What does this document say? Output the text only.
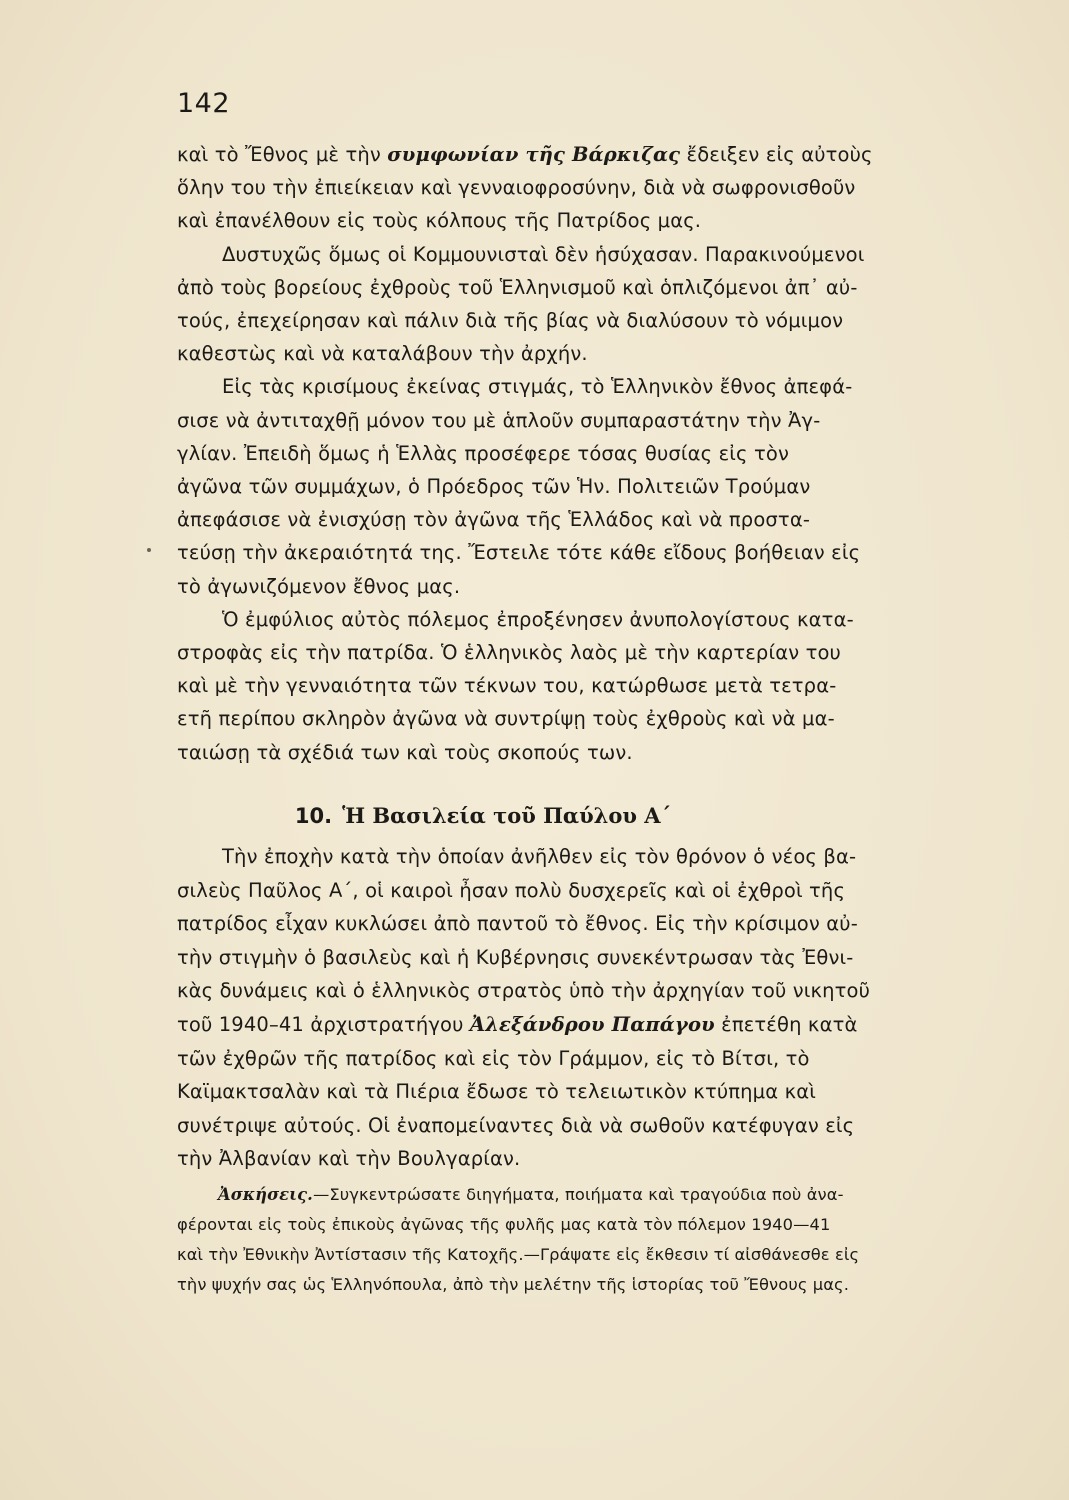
142
καὶ τὸ Ἔθνος μὲ τὴν συμφωνίαν τῆς Βάρκιζας ἔδειξεν εἰς αὐτοὺς
ὅλην του τὴν ἐπιείκειαν καὶ γενναιοφροσύνην, διὰ νὰ σωφρονισθοῦν
καὶ ἐπανέλθουν εἰς τοὺς κόλπους τῆς Πατρίδος μας.
Δυστυχῶς ὅμως οἱ Κομμουνισταὶ δὲν ἡσύχασαν. Παρακινούμενοι
ἀπὸ τοὺς βορείους ἐχθροὺς τοῦ Ἑλληνισμοῦ καὶ ὁπλιζόμενοι ἀπ᾿ αὐ-
τούς, ἐπεχείρησαν καὶ πάλιν διὰ τῆς βίας νὰ διαλύσουν τὸ νόμιμον
καθεστὼς καὶ νὰ καταλάβουν τὴν ἀρχήν.
Εἰς τὰς κρισίμους ἐκείνας στιγμάς, τὸ Ἑλληνικὸν ἔθνος ἀπεφά-
σισε νὰ ἀντιταχθῇ μόνον του μὲ ἁπλοῦν συμπαραστάτην τὴν Ἀγ-
γλίαν. Ἐπειδὴ ὅμως ἡ Ἑλλὰς προσέφερε τόσας θυσίας εἰς τὸν
ἀγῶνα τῶν συμμάχων, ὁ Πρόεδρος τῶν Ἡν. Πολιτειῶν Τρούμαν
ἀπεφάσισε νὰ ἐνισχύσῃ τὸν ἀγῶνα τῆς Ἑλλάδος καὶ νὰ προστα-
τεύσῃ τὴν ἀκεραιότητά της. Ἔστειλε τότε κάθε εἴδους βοήθειαν εἰς
τὸ ἀγωνιζόμενον ἔθνος μας.
Ὁ ἐμφύλιος αὐτὸς πόλεμος ἐπροξένησεν ἀνυπολογίστους κατα-
στροφὰς εἰς τὴν πατρίδα. Ὁ ἑλληνικὸς λαὸς μὲ τὴν καρτερίαν του
καὶ μὲ τὴν γενναιότητα τῶν τέκνων του, κατώρθωσε μετὰ τετρα-
ετῆ περίπου σκληρὸν ἀγῶνα νὰ συντρίψῃ τοὺς ἐχθροὺς καὶ νὰ μα-
ταιώσῃ τὰ σχέδιά των καὶ τοὺς σκοπούς των.
10. Ἡ Βασιλεία τοῦ Παύλου Α΄
Τὴν ἐποχὴν κατὰ τὴν ὁποίαν ἀνῆλθεν εἰς τὸν θρόνον ὁ νέος βα-
σιλεὺς Παῦλος Α΄, οἱ καιροὶ ἦσαν πολὺ δυσχερεῖς καὶ οἱ ἐχθροὶ τῆς
πατρίδος εἶχαν κυκλώσει ἀπὸ παντοῦ τὸ ἔθνος. Εἰς τὴν κρίσιμον αὐ-
τὴν στιγμὴν ὁ βασιλεὺς καὶ ἡ Κυβέρνησις συνεκέντρωσαν τὰς Ἐθνι-
κὰς δυνάμεις καὶ ὁ ἑλληνικὸς στρατὸς ὑπὸ τὴν ἀρχηγίαν τοῦ νικητοῦ
τοῦ 1940–41 ἀρχιστρατήγου Ἀλεξάνδρου Παπάγου ἐπετέθη κατὰ
τῶν ἐχθρῶν τῆς πατρίδος καὶ εἰς τὸν Γράμμον, εἰς τὸ Βίτσι, τὸ
Καϊμακτσαλὰν καὶ τὰ Πιέρια ἔδωσε τὸ τελειωτικὸν κτύπημα καὶ
συνέτριψε αὐτούς. Οἱ ἐναπομείναντες διὰ νὰ σωθοῦν κατέφυγαν εἰς
τὴν Ἀλβανίαν καὶ τὴν Βουλγαρίαν.
Ἀσκήσεις.—Συγκεντρώσατε διηγήματα, ποιήματα καὶ τραγούδια ποὺ ἀνα-
φέρονται εἰς τοὺς ἐπικοὺς ἀγῶνας τῆς φυλῆς μας κατὰ τὸν πόλεμον 1940—41
καὶ τὴν Ἐθνικὴν Ἀντίστασιν τῆς Κατοχῆς.—Γράψατε εἰς ἔκθεσιν τί αἰσθάνεσθε εἰς
τὴν ψυχήν σας ὡς Ἑλληνόπουλα, ἀπὸ τὴν μελέτην τῆς ἱστορίας τοῦ Ἔθνους μας.
